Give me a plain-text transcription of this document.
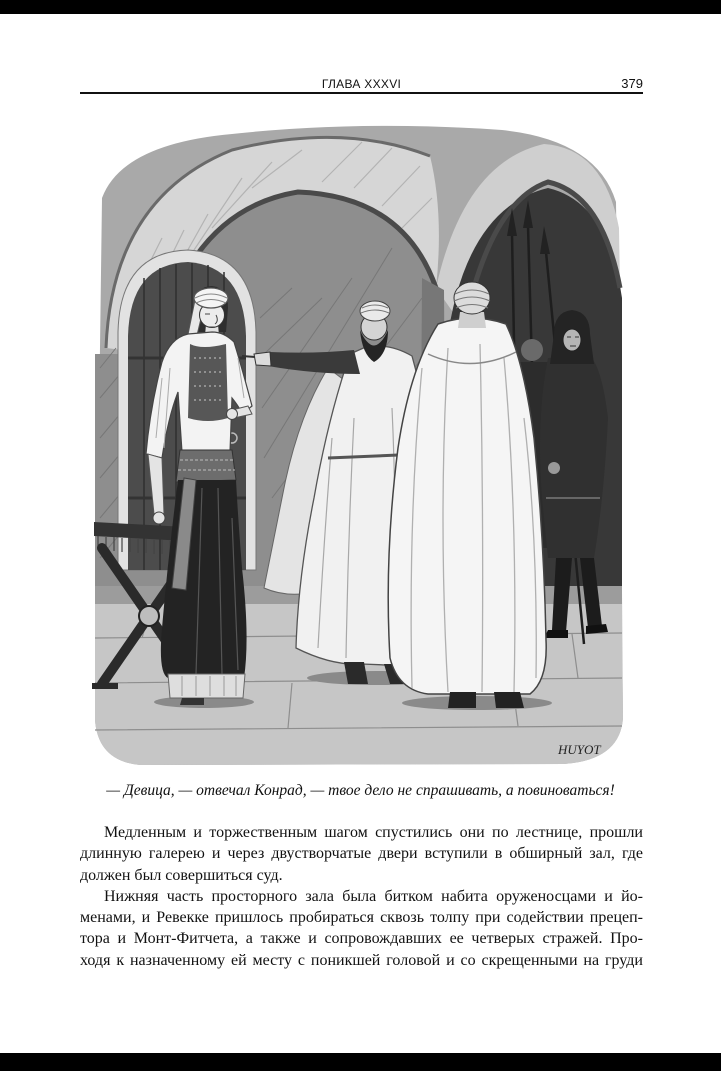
ГЛАВА XXXVI	379
HUYOT
— Девица, — отвечал Конрад, — твое дело не спрашивать, а повиноваться!
Медленным и торжественным шагом спустились они по лестнице, прошли
длинную галерею и через двустворчатые двери вступили в обширный зал, где
должен был совершиться суд.
Нижняя часть просторного зала была битком набита оруженосцами и йо-
менами, и Ревекке пришлось пробираться сквозь толпу при содействии прецеп-
тора и Монт-Фитчета, а также и сопровождавших ее четверых стражей. Про-
ходя к назначенному ей месту с поникшей головой и со скрещенными на груди
